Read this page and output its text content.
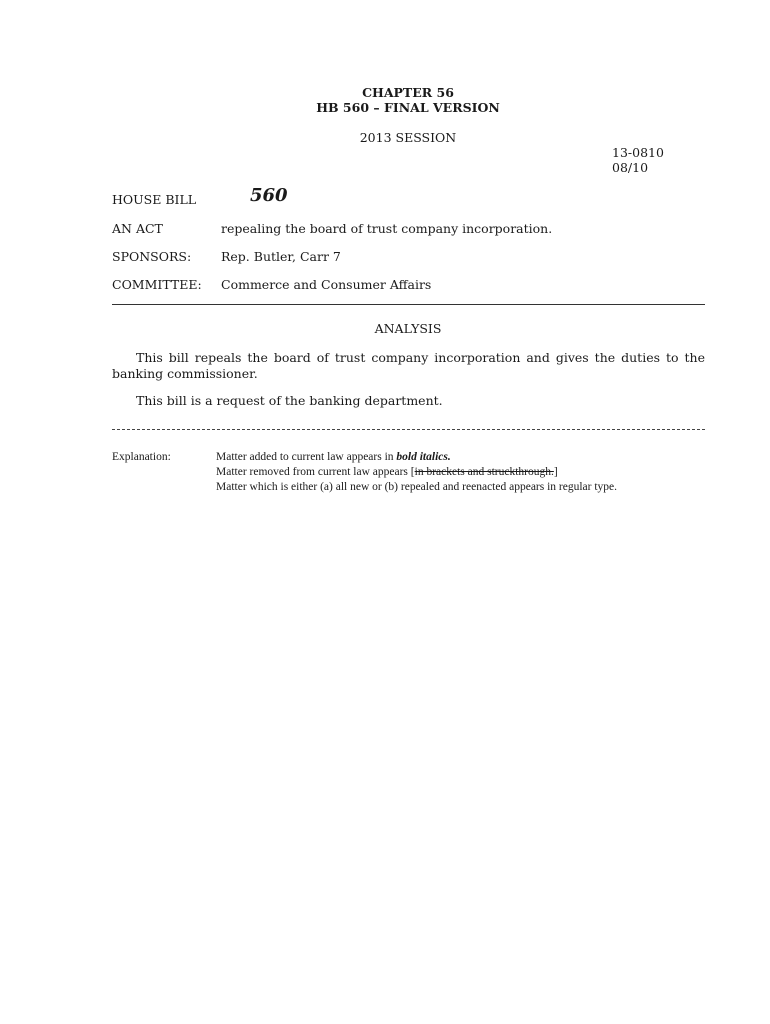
CHAPTER 56
HB 560 – FINAL VERSION
2013 SESSION
13-0810
08/10
HOUSE BILL	560
AN ACT	repealing the board of trust company incorporation.
SPONSORS: Rep. Butler, Carr 7
COMMITTEE: Commerce and Consumer Affairs
ANALYSIS
This bill repeals the board of trust company incorporation and gives the duties to the banking commissioner.
This bill is a request of the banking department.
Explanation:	Matter added to current law appears in bold italics.
Matter removed from current law appears [in brackets and struckthrough.]
Matter which is either (a) all new or (b) repealed and reenacted appears in regular type.
